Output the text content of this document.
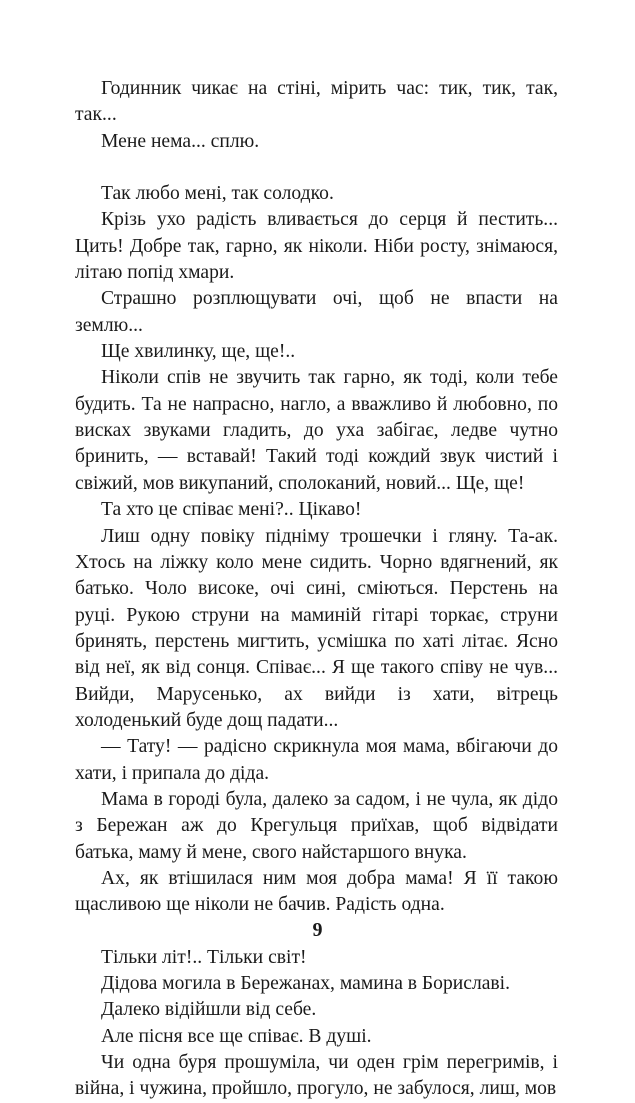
Годинник чикає на стіні, мірить час: тик, тик, так, так...

Мене нема... сплю.

Так любо мені, так солодко.

Крізь ухо радість вливається до серця й пестить... Цить! Добре так, гарно, як ніколи. Ніби росту, знімаюся, літаю попід хмари.

Страшно розплющувати очі, щоб не впасти на землю...

Ще хвилинку, ще, ще!..

Ніколи спів не звучить так гарно, як тоді, коли тебе будить. Та не напрасно, нагло, а вважливо й любовно, по висках звуками гладить, до уха забігає, ледве чутно бринить, — вставай! Такий тоді кождий звук чистий і свіжий, мов викупаний, сполоканий, новий... Ще, ще!

Та хто це співає мені?.. Цікаво!

Лиш одну повіку підніму трошечки і гляну. Та-ак. Хтось на ліжку коло мене сидить. Чорно вдягнений, як батько. Чоло високе, очі сині, сміються. Перстень на руці. Рукою струни на маминій гітарі торкає, струни бринять, перстень мигтить, усмішка по хаті літає. Ясно від неї, як від сонця. Співає... Я ще такого співу не чув... Вийди, Марусенько, ах вийди із хати, вітрець холоденький буде дощ падати...

— Тату! — радісно скрикнула моя мама, вбігаючи до хати, і припала до діда.

Мама в городі була, далеко за садом, і не чула, як дідо з Бережан аж до Крегульця приїхав, щоб відвідати батька, маму й мене, свого найстаршого внука.

Ах, як втішилася ним моя добра мама! Я її такою щасливою ще ніколи не бачив. Радість одна.

Тільки літ!.. Тільки світ!

Дідова могила в Бережанах, мамина в Бориславі.

Далеко відійшли від себе.

Але пісня все ще співає. В душі.

Чи одна буря прошуміла, чи оден грім перегримів, і війна, і чужина, пройшло, прогуло, не забулося, лиш, мов

9
